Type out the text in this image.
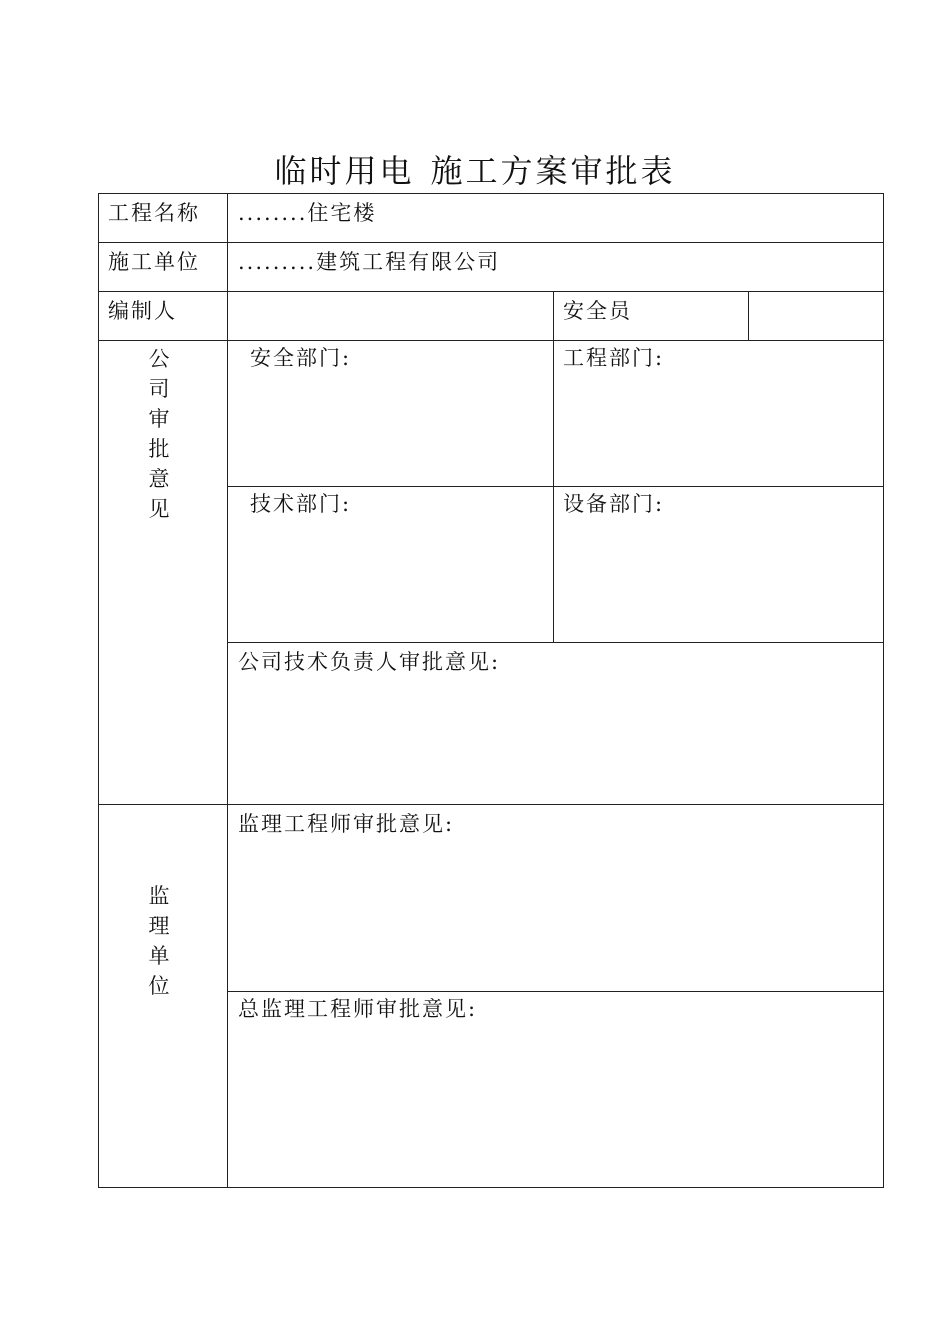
临时用电 施工方案审批表
工程名称 ........住宅楼
施工单位 .........建筑工程有限公司
编制人	安全员
公
司
审
批
意
见
安全部门:	工程部门:
技术部门:	设备部门:
公司技术负责人审批意见:
监
理
单
位
监理工程师审批意见:
总监理工程师审批意见:
